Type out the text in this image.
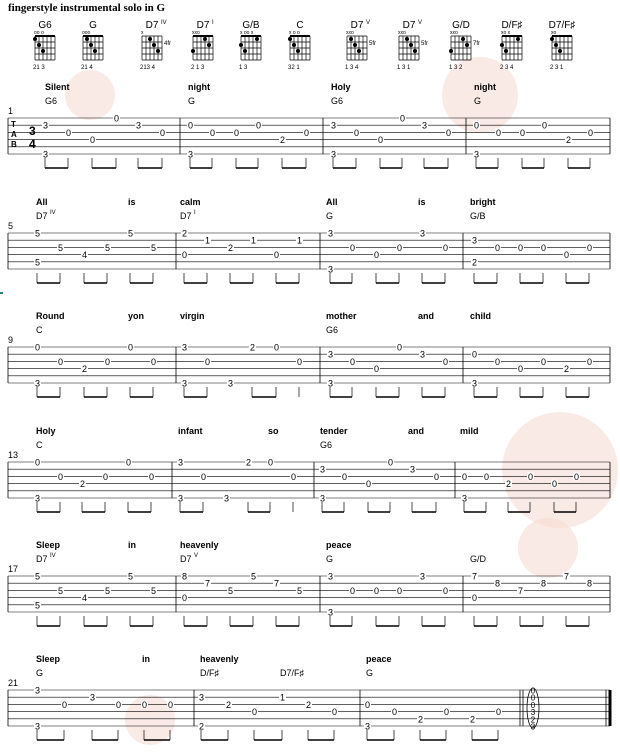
fingerstyle instrumental solo in G
G6
oo o
21 3
G
ooo
21 4
D7 IV
x
4fr
213 4
D7 I
xxo
2 1 3
G/B
x oo x
1 3
C
x o o
32 1
D7 V
xxo
5fr
1 3 4
D7 V
xxo
5fr
1 3 1
G/D
xxo
7fr
1 3 2
D/F♯
xo x
2 3 4
D7/F♯
xo
2 3 1
Silent	night	Holy	night
G6	G	G6	G
1
T
A
B
3
4
3
0
0
0
3
0
3
0
0 0
0
2
0
3
3
0
0
0
3
0
3
0
0 0
0
2
0
3
All	is	calm	All	is	bright
D7 IV	D7 I	G	G/B
5
5
5
4
5
5
5
5
2
1
2
1
0
1
0
3
0
0
0
3
0
3
3
0 0 0
0
0
2
Round	yon	virgin	mother	and	child
C	G6
9
0
0
2
0
0
0
3
3
0
2 0
0
3	3
3
0
0
0
3
0
3
0
0	0
0	2
0
3
Holy	infant	so	tender	and	mild
C	G6
13
0
0
2
0
0
0
3
3
0
2 0
0
3	3
3
0
0
0
3
0
3
0 0
2
0
0
0
3
Sleep	in	heavenly	peace
D7 IV	D7 V	G	G/D
17
5
5
4
5
5
5
5
8
7
5
7
5
5
0
3
0 0 0
3
0
3
7
8
7
8
7
8
0
Sleep	in	heavenly	peace
G	D/F♯	D7/F♯	G
21
3
0
3
0 0 0
3
3
2
0
1
2
0
2
0
0
2
0
2
0
3
0
0
0
3
2
3
